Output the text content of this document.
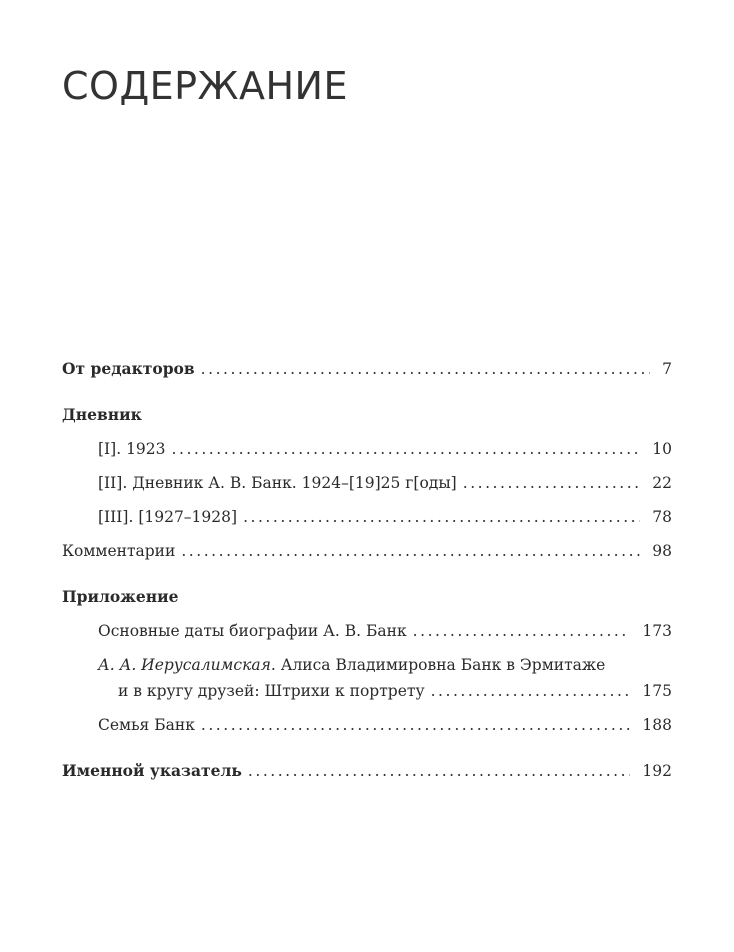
СОДЕРЖАНИЕ
От редакторов . . .	7
Дневник
[I]. 1923 . . .	10
[II]. Дневник А. В. Банк. 1924–[19]25 г[оды] . . .	22
[III]. [1927–1928] . . .	78
Комментарии . . .	98
Приложение
Основные даты биографии А. В. Банк . . .	173
А. А. Иерусалимская. Алиса Владимировна Банк в Эрмитаже
и в кругу друзей: Штрихи к портрету . . .	175
Семья Банк . . .	188
Именной указатель . . .	192
